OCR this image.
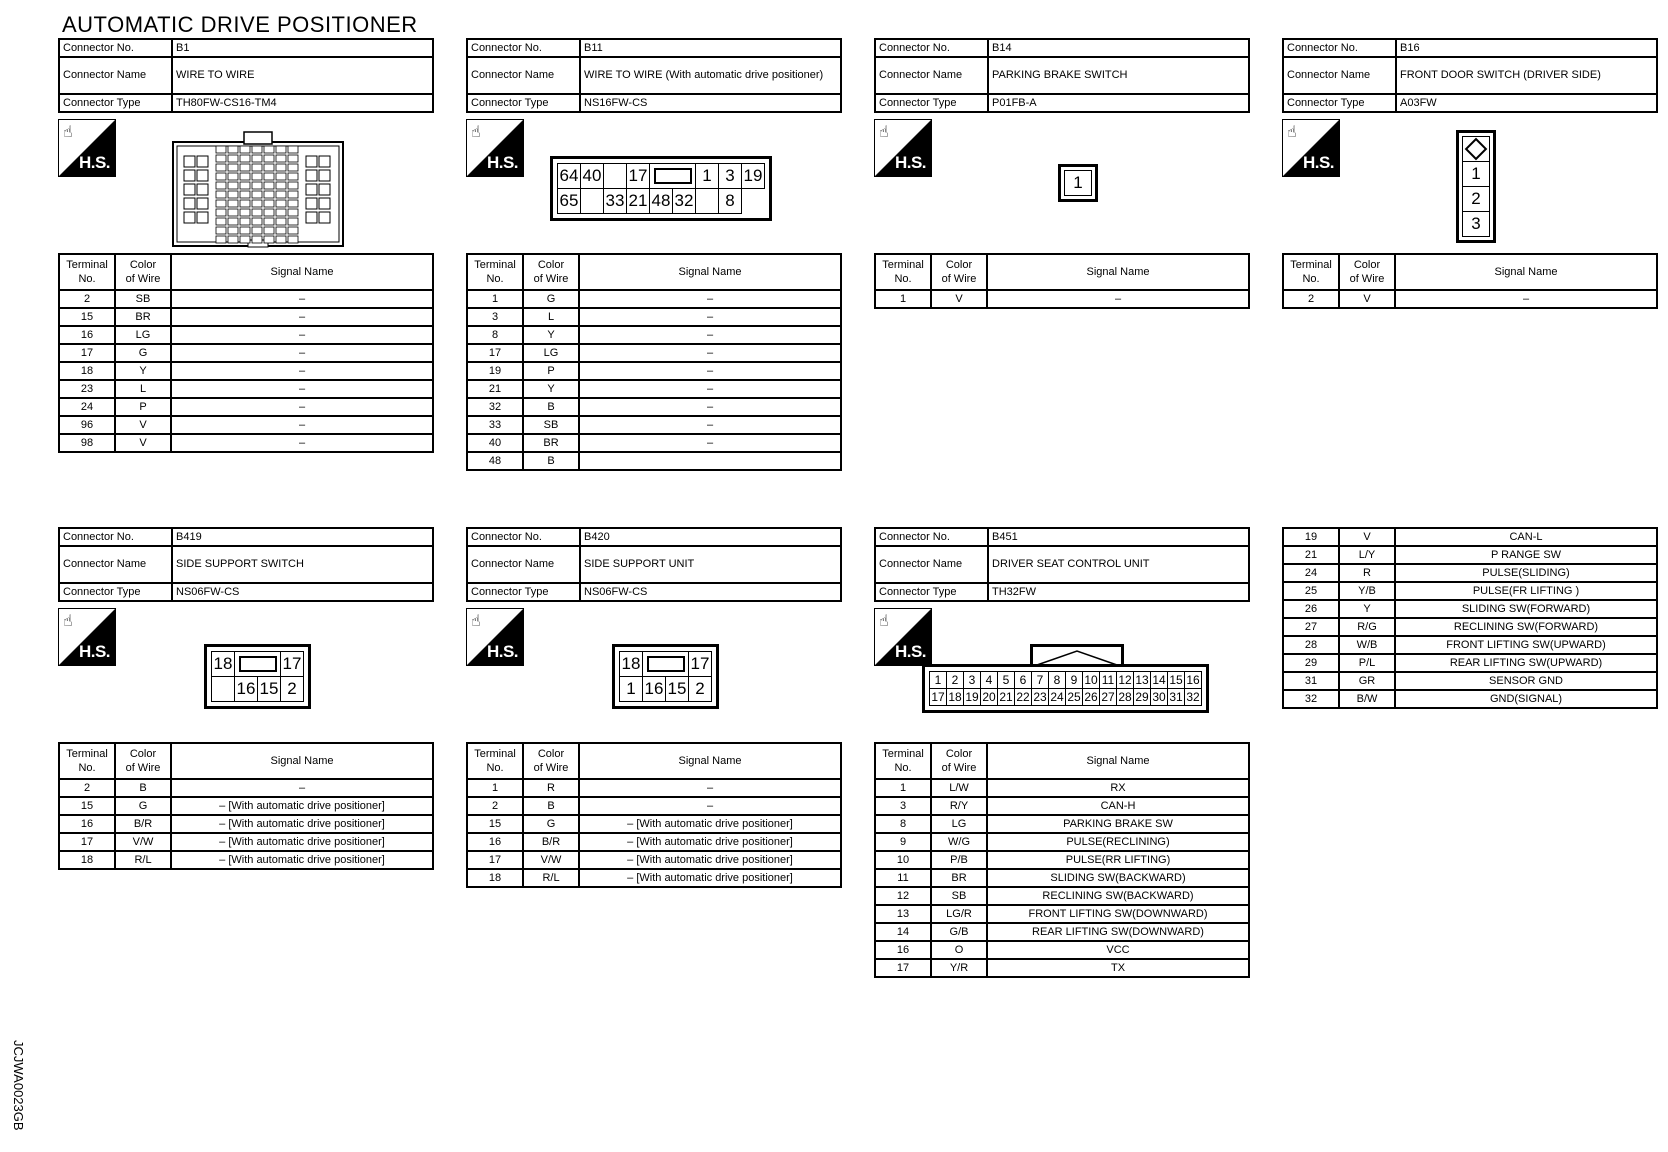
AUTOMATIC DRIVE POSITIONER
JCJWA0023GB
Connector No.	B1
Connector Name	WIRE TO WIRE
Connector Type	TH80FW-CS16-TM4
☝
H.S.
Terminal
No.	Color
of Wire	Signal Name
2	SB	–
15	BR	–
16	LG	–
17	G	–
18	Y	–
23	L	–
24	P	–
96	V	–
98	V	–
Connector No.	B11
Connector Name	WIRE TO WIRE (With automatic drive positioner)
Connector Type	NS16FW-CS
☝
H.S.
Terminal
No.	Color
of Wire	Signal Name
1	G	–
3	L	–
8	Y	–
17	LG	–
19	P	–
21	Y	–
32	B	–
33	SB	–
40	BR	–
48	B	
Connector No.	B14
Connector Name	PARKING BRAKE SWITCH
Connector Type	P01FB-A
☝
H.S.
Terminal
No.	Color
of Wire	Signal Name
1	V	–
Connector No.	B16
Connector Name	FRONT DOOR SWITCH (DRIVER SIDE)
Connector Type	A03FW
☝
H.S.
Terminal
No.	Color
of Wire	Signal Name
2	V	–
Connector No.	B419
Connector Name	SIDE SUPPORT SWITCH
Connector Type	NS06FW-CS
☝
H.S.
Terminal
No.	Color
of Wire	Signal Name
2	B	–
15	G	– [With automatic drive positioner]
16	B/R	– [With automatic drive positioner]
17	V/W	– [With automatic drive positioner]
18	R/L	– [With automatic drive positioner]
Connector No.	B420
Connector Name	SIDE SUPPORT UNIT
Connector Type	NS06FW-CS
☝
H.S.
Terminal
No.	Color
of Wire	Signal Name
1	R	–
2	B	–
15	G	– [With automatic drive positioner]
16	B/R	– [With automatic drive positioner]
17	V/W	– [With automatic drive positioner]
18	R/L	– [With automatic drive positioner]
Connector No.	B451
Connector Name	DRIVER SEAT CONTROL UNIT
Connector Type	TH32FW
☝
H.S.
Terminal
No.	Color
of Wire	Signal Name
1	L/W	RX
3	R/Y	CAN-H
8	LG	PARKING BRAKE SW
9	W/G	PULSE(RECLINING)
10	P/B	PULSE(RR LIFTING)
11	BR	SLIDING SW(BACKWARD)
12	SB	RECLINING SW(BACKWARD)
13	LG/R	FRONT LIFTING SW(DOWNWARD)
14	G/B	REAR LIFTING SW(DOWNWARD)
16	O	VCC
17	Y/R	TX
64	40		17			1	3	19
65		33	21	48	32		8	
1	1
2
3
18			17
	16	15	2
18			17
1	16	15	2	1	2	3	4	5	6	7	8	9	10	11	12	13	14	15	16
17	18	19	20	21	22	23	24	25	26	27	28	29	30	31	32
19	V	CAN-L
21	L/Y	P RANGE SW
24	R	PULSE(SLIDING)
25	Y/B	PULSE(FR LIFTING )
26	Y	SLIDING SW(FORWARD)
27	R/G	RECLINING SW(FORWARD)
28	W/B	FRONT LIFTING SW(UPWARD)
29	P/L	REAR LIFTING SW(UPWARD)
31	GR	SENSOR GND
32	B/W	GND(SIGNAL)
